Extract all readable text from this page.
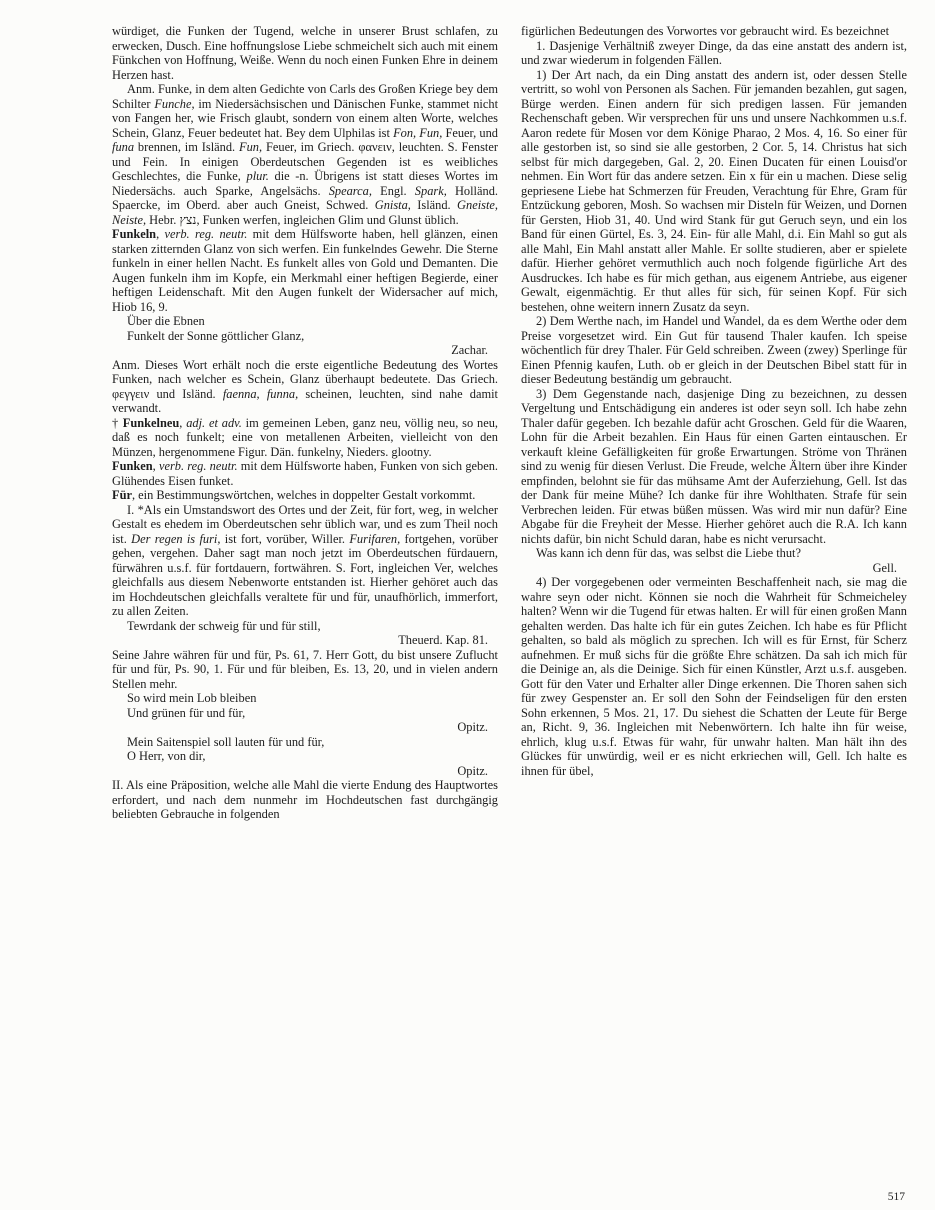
würdiget, die Funken der Tugend, welche in unserer Brust schlafen, zu erwecken, Dusch. Eine hoffnungslose Liebe schmeichelt sich auch mit einem Fünkchen von Hoffnung, Weiße. Wenn du noch einen Funken Ehre in deinem Herzen hast.
Anm. Funke, in dem alten Gedichte von Carls des Großen Kriege bey dem Schilter Funche, im Niedersächsischen und Dänischen Funke, stammet nicht von Fangen her, wie Frisch glaubt, sondern von einem alten Worte, welches Schein, Glanz, Feuer bedeutet hat. Bey dem Ulphilas ist Fon, Fun, Feuer, und funa brennen, im Isländ. Fun, Feuer, im Griech. φανειν, leuchten. S. Fenster und Fein. In einigen Oberdeutschen Gegenden ist es weibliches Geschlechtes, die Funke, plur. die -n. Übrigens ist statt dieses Wortes im Niedersächs. auch Sparke, Angelsächs. Spearca, Engl. Spark, Holländ. Spaercke, im Oberd. aber auch Gneist, Schwed. Gnista, Isländ. Gneiste, Neiste, Hebr. נצץ, Funken werfen, ingleichen Glim und Glunst üblich.
Funkeln, verb. reg. neutr. mit dem Hülfsworte haben, hell glänzen, einen starken zitternden Glanz von sich werfen. Ein funkelndes Gewehr. Die Sterne funkeln in einer hellen Nacht. Es funkelt alles von Gold und Demanten. Die Augen funkeln ihm im Kopfe, ein Merkmahl einer heftigen Begierde, einer heftigen Leidenschaft. Mit den Augen funkelt der Widersacher auf mich, Hiob 16, 9.
Über die Ebnen
Funkelt der Sonne göttlicher Glanz,
Zachar.
Anm. Dieses Wort erhält noch die erste eigentliche Bedeutung des Wortes Funken, nach welcher es Schein, Glanz überhaupt bedeutete. Das Griech. φεγγειν und Isländ. faenna, funna, scheinen, leuchten, sind nahe damit verwandt.
† Funkelneu, adj. et adv. im gemeinen Leben, ganz neu, völlig neu, so neu, daß es noch funkelt; eine von metallenen Arbeiten, vielleicht von den Münzen, hergenommene Figur. Dän. funkelny, Nieders. glootny.
Funken, verb. reg. neutr. mit dem Hülfsworte haben, Funken von sich geben. Glühendes Eisen funket.
Für, ein Bestimmungswörtchen, welches in doppelter Gestalt vorkommt.
I. *Als ein Umstandswort des Ortes und der Zeit, für fort, weg, in welcher Gestalt es ehedem im Oberdeutschen sehr üblich war, und es zum Theil noch ist. Der regen is furi, ist fort, vorüber, Willer. Furifaren, fortgehen, vorüber gehen, vergehen. Daher sagt man noch jetzt im Oberdeutschen fürdauern, fürwähren u.s.f. für fortdauern, fortwähren. S. Fort, ingleichen Ver, welches gleichfalls aus diesem Nebenworte entstanden ist. Hierher gehöret auch das im Hochdeutschen gleichfalls veraltete für und für, unaufhörlich, immerfort, zu allen Zeiten.
Tewrdank der schweig für und für still,
Theuerd. Kap. 81.
Seine Jahre währen für und für, Ps. 61, 7. Herr Gott, du bist unsere Zuflucht für und für, Ps. 90, 1. Für und für bleiben, Es. 13, 20, und in vielen andern Stellen mehr.
So wird mein Lob bleiben
Und grünen für und für,
Opitz.
Mein Saitenspiel soll lauten für und für,
O Herr, von dir,
Opitz.
II. Als eine Präposition, welche alle Mahl die vierte Endung des Hauptwortes erfordert, und nach dem nunmehr im Hochdeutschen fast durchgängig beliebten Gebrauche in folgenden
figürlichen Bedeutungen des Vorwortes vor gebraucht wird. Es bezeichnet
1. Dasjenige Verhältniß zweyer Dinge, da das eine anstatt des andern ist, und zwar wiederum in folgenden Fällen.
1) Der Art nach, da ein Ding anstatt des andern ist, oder dessen Stelle vertritt, so wohl von Personen als Sachen. Für jemanden bezahlen, gut sagen, Bürge werden. Einen andern für sich predigen lassen. Für jemanden Rechenschaft geben. Wir versprechen für uns und unsere Nachkommen u.s.f. Aaron redete für Mosen vor dem Könige Pharao, 2 Mos. 4, 16. So einer für alle gestorben ist, so sind sie alle gestorben, 2 Cor. 5, 14. Christus hat sich selbst für mich dargegeben, Gal. 2, 20. Einen Ducaten für einen Louisd'or nehmen. Ein Wort für das andere setzen. Ein x für ein u machen. Diese selig gepriesene Liebe hat Schmerzen für Freuden, Verachtung für Ehre, Gram für Entzückung geboren, Mosh. So wachsen mir Disteln für Weizen, und Dornen für Gersten, Hiob 31, 40. Und wird Stank für gut Geruch seyn, und ein los Band für einen Gürtel, Es. 3, 24. Ein- für alle Mahl, d.i. Ein Mahl so gut als alle Mahl, Ein Mahl anstatt aller Mahle. Er sollte studieren, aber er spielete dafür. Hierher gehöret vermuthlich auch noch folgende figürliche Art des Ausdruckes. Ich habe es für mich gethan, aus eigenem Antriebe, aus eigener Gewalt, eigenmächtig. Er thut alles für sich, für seinen Kopf. Für sich bestehen, ohne weitern innern Zusatz da seyn.
2) Dem Werthe nach, im Handel und Wandel, da es dem Werthe oder dem Preise vorgesetzet wird. Ein Gut für tausend Thaler kaufen. Ich speise wöchentlich für drey Thaler. Für Geld schreiben. Zween (zwey) Sperlinge für Einen Pfennig kaufen, Luth. ob er gleich in der Deutschen Bibel statt für in dieser Bedeutung beständig um gebraucht.
3) Dem Gegenstande nach, dasjenige Ding zu bezeichnen, zu dessen Vergeltung und Entschädigung ein anderes ist oder seyn soll. Ich habe zehn Thaler dafür gegeben. Ich bezahle dafür acht Groschen. Geld für die Waaren, Lohn für die Arbeit bezahlen. Ein Haus für einen Garten eintauschen. Er verkauft kleine Gefälligkeiten für große Erwartungen. Ströme von Thränen sind zu wenig für diesen Verlust. Die Freude, welche Ältern über ihre Kinder empfinden, belohnt sie für das mühsame Amt der Auferziehung, Gell. Ist das der Dank für meine Mühe? Ich danke für ihre Wohlthaten. Strafe für sein Verbrechen leiden. Für etwas büßen müssen. Was wird mir nun dafür? Eine Abgabe für die Freyheit der Messe. Hierher gehöret auch die R.A. Ich kann nichts dafür, bin nicht Schuld daran, habe es nicht verursacht.
Was kann ich denn für das, was selbst die Liebe thut?
Gell.
4) Der vorgegebenen oder vermeinten Beschaffenheit nach, sie mag die wahre seyn oder nicht. Können sie noch die Wahrheit für Schmeicheley halten? Wenn wir die Tugend für etwas halten. Er will für einen großen Mann gehalten werden. Das halte ich für ein gutes Zeichen. Ich habe es für Pflicht gehalten, so bald als möglich zu sprechen. Ich will es für Ernst, für Scherz aufnehmen. Er muß sichs für die größte Ehre schätzen. Da sah ich mich für die Deinige an, als die Deinige. Sich für einen Künstler, Arzt u.s.f. ausgeben. Gott für den Vater und Erhalter aller Dinge erkennen. Die Thoren sahen sich für zwey Gespenster an. Er soll den Sohn der Feindseligen für den ersten Sohn erkennen, 5 Mos. 21, 17. Du siehest die Schatten der Leute für Berge an, Richt. 9, 36. Ingleichen mit Nebenwörtern. Ich halte ihn für weise, ehrlich, klug u.s.f. Etwas für wahr, für unwahr halten. Man hält ihn des Glückes für unwürdig, weil er es nicht erkriechen will, Gell. Ich halte es ihnen für übel,
517
